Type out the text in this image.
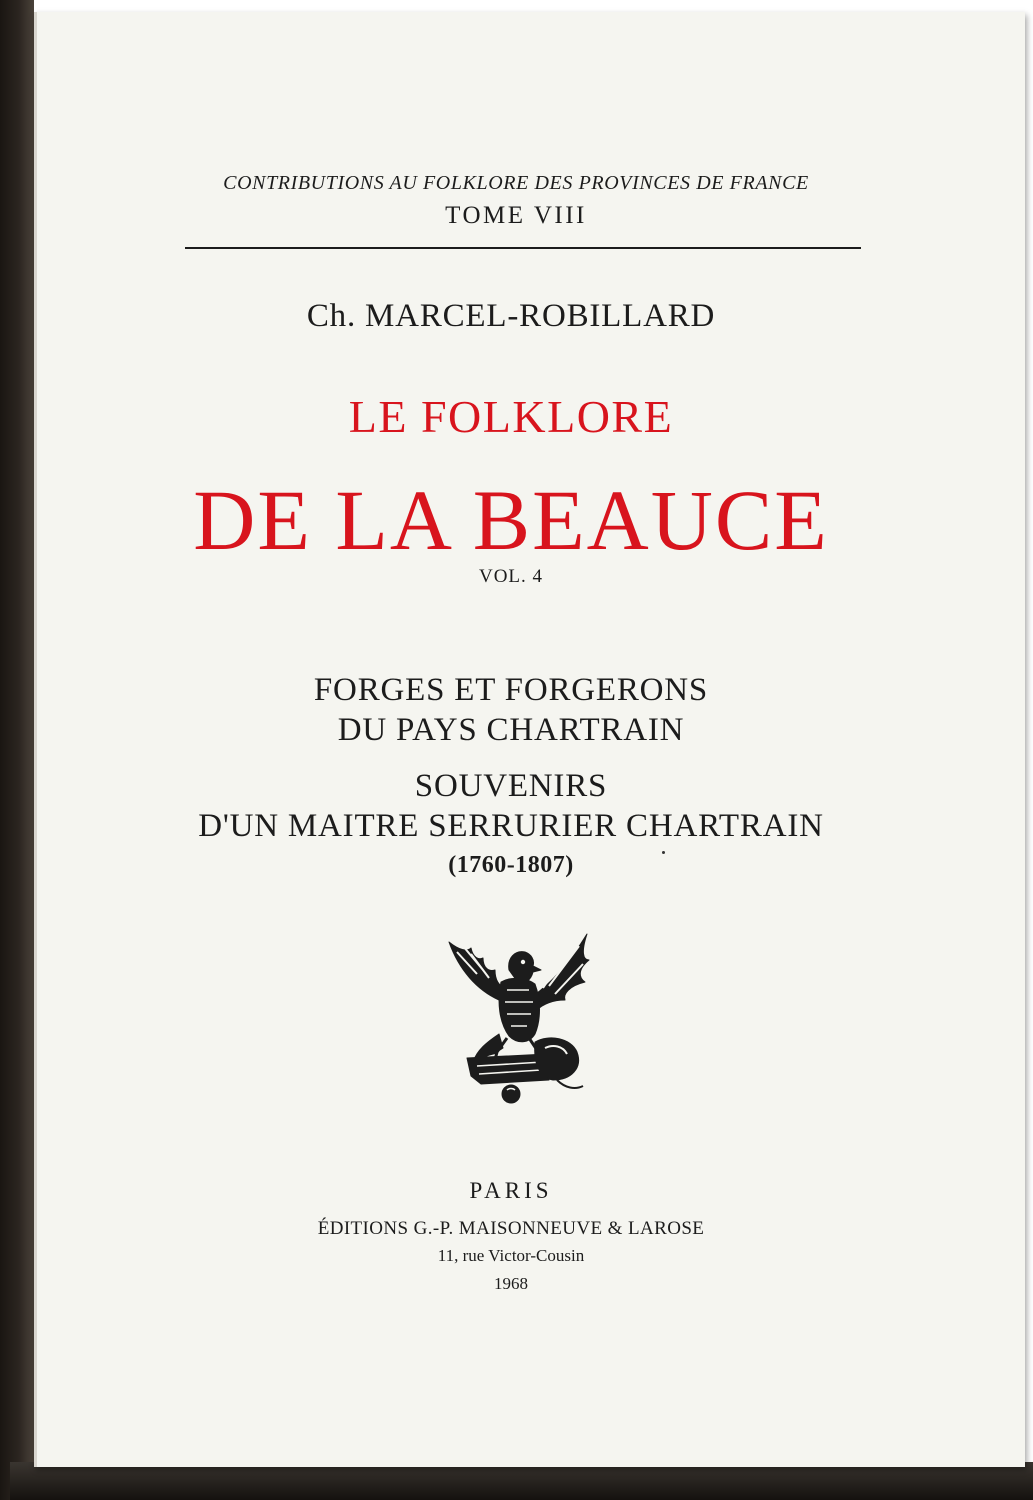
CONTRIBUTIONS AU FOLKLORE DES PROVINCES DE FRANCE
TOME VIII
Ch. MARCEL-ROBILLARD
LE FOLKLORE
DE LA BEAUCE
VOL. 4
FORGES ET FORGERONS
DU PAYS CHARTRAIN
SOUVENIRS
D'UN MAITRE SERRURIER CHARTRAIN
(1760-1807)
PARIS
ÉDITIONS G.-P. MAISONNEUVE & LAROSE
11, rue Victor-Cousin
1968
